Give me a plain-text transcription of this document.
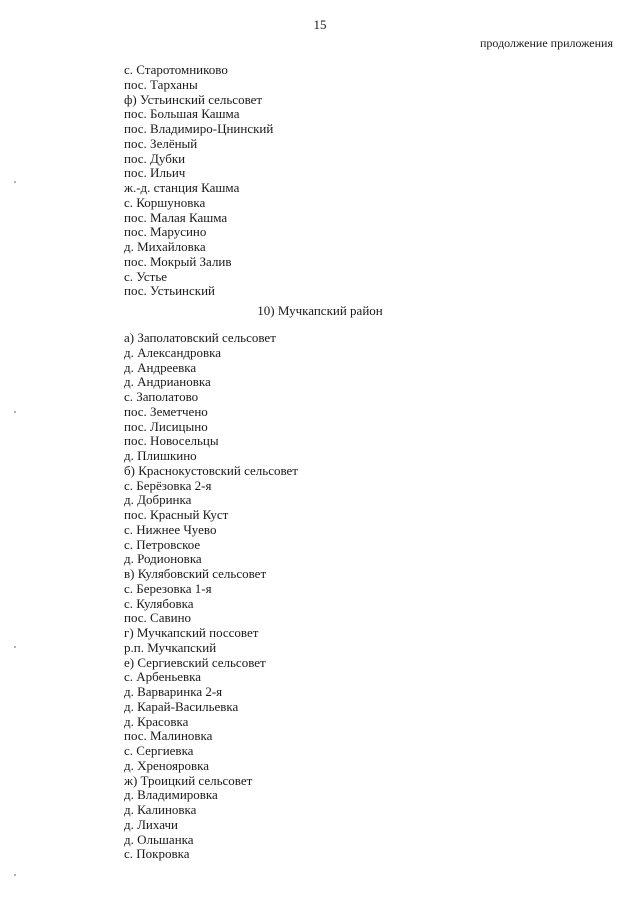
15
продолжение приложения
с. Старотомниково
пос. Тарханы
ф) Устьинский сельсовет
пос. Большая Кашма
пос. Владимиро-Цнинский
пос. Зелёный
пос. Дубки
пос. Ильич
ж.-д. станция Кашма
с. Коршуновка
пос. Малая Кашма
пос. Марусино
д. Михайловка
пос. Мокрый Залив
с. Устье
пос. Устьинский
10) Мучкапский район
а) Заполатовский сельсовет
д. Александровка
д. Андреевка
д. Андриановка
с. Заполатово
пос. Земетчено
пос. Лисицыно
пос. Новосельцы
д. Плишкино
б) Краснокустовский сельсовет
с. Берёзовка 2-я
д. Добринка
пос. Красный Куст
с. Нижнее Чуево
с. Петровское
д. Родионовка
в) Кулябовский сельсовет
с. Березовка 1-я
с. Кулябовка
пос. Савино
г) Мучкапский поссовет
р.п. Мучкапский
е) Сергиевский сельсовет
с. Арбеньевка
д. Варваринка 2-я
д. Карай-Васильевка
д. Красовка
пос. Малиновка
с. Сергиевка
д. Хреноярoвка
ж) Троицкий сельсовет
д. Владимировка
д. Калиновка
д. Лихачи
д. Ольшанка
с. Покровка
